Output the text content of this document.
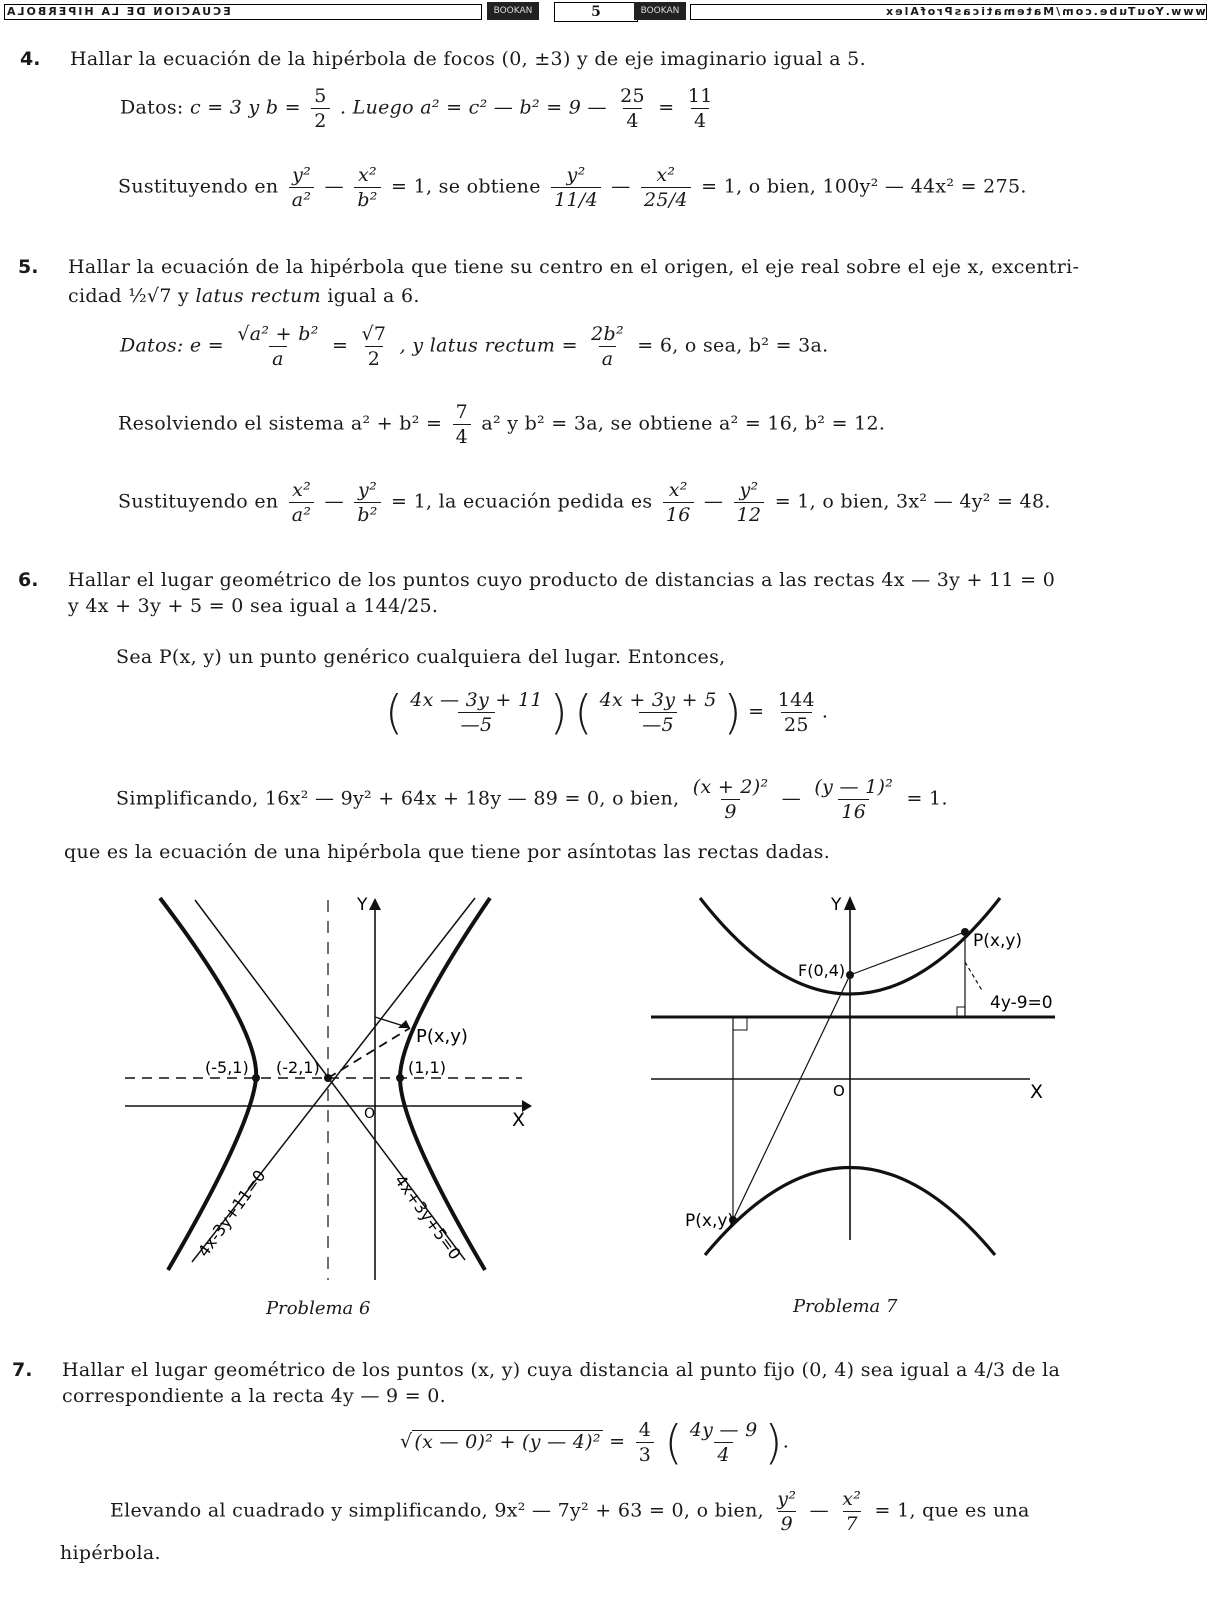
ECUACION DE LA HIPERBOLA	BOOKAN	5	BOOKAN	www.YouTube.com/MatematicasProfAlex
4. Hallar la ecuación de la hipérbola de focos (0, ±3) y de eje imaginario igual a 5.
Datos: c = 3 y $b = \frac{5}{2}$ . Luego a² = c² — b² = 9 — $\frac{25}{4} = \frac{11}{4}$
Sustituyendo en $\frac{\text{y²}}{\text{a²}}$ — $\frac{\text{x²}}{\text{b²}} = 1$, se obtiene $\frac{\text{y²}}{11/4}$ — $\frac{\text{x²}}{25/4} = 1$, o bien, 100y² — 44x² = 275.
5. Hallar la ecuación de la hipérbola que tiene su centro en el origen, el eje real sobre el eje x, excentri-
cidad ½√7 y latus rectum igual a 6.
Datos: $e = \frac{\text{√a² + b²}}{a} = \frac{√7}{2}$ , y latus rectum = $\frac{\text{2b²}}{a} = 6$, o sea, b² = 3a.
Resolviendo el sistema $a^2 + b^2 = \frac{7}{4} a^2$ y b² = 3a, se obtiene a² = 16, b² = 12.
Sustituyendo en $\frac{\text{x²}}{\text{a²}}$ — $\frac{\text{y²}}{\text{b²}} = 1$, la ecuación pedida es $\frac{\text{x²}}{16}$ — $\frac{\text{y²}}{12} = 1$, o bien, 3x² — 4y² = 48.
6. Hallar el lugar geométrico de los puntos cuyo producto de distancias a las rectas 4x — 3y + 11 = 0
y 4x + 3y + 5 = 0 sea igual a 144/25.
Sea P(x, y) un punto genérico cualquiera del lugar. Entonces,
( $\frac{4x — 3y + 11}{—5}$ ) ( $\frac{4x + 3y + 5}{—5}$ ) = $\frac{144}{25}$ .
Simplificando, 16x² — 9y² + 64x + 18y — 89 = 0, o bien, $\frac{\text{(x + 2)²}}{9}$ — $\frac{\text{(y — 1)²}}{16} = 1$.
que es la ecuación de una hipérbola que tiene por asíntotas las rectas dadas.
Y
X
O
(-5,1) (-2,1)	(1,1)
P(x,y)
4x-3y+11=0	4x+3y+5=0
Problema 6
Y
X
O
F(0,4)
P(x,y)
P(x,y)
4y-9=0
Problema 7
7. Hallar el lugar geométrico de los puntos (x, y) cuya distancia al punto fijo (0, 4) sea igual a 4/3 de la
correspondiente a la recta 4y — 9 = 0.
√ (x — 0)² + (y — $4)^2 = \frac{4}{3}$ ( $\frac{4y — 9}{4}$ ).
Elevando al cuadrado y simplificando, 9x² — 7y² + 63 = 0, o bien, $\frac{\text{y²}}{9}$ — $\frac{\text{x²}}{7} = 1$, que es una
hipérbola.
